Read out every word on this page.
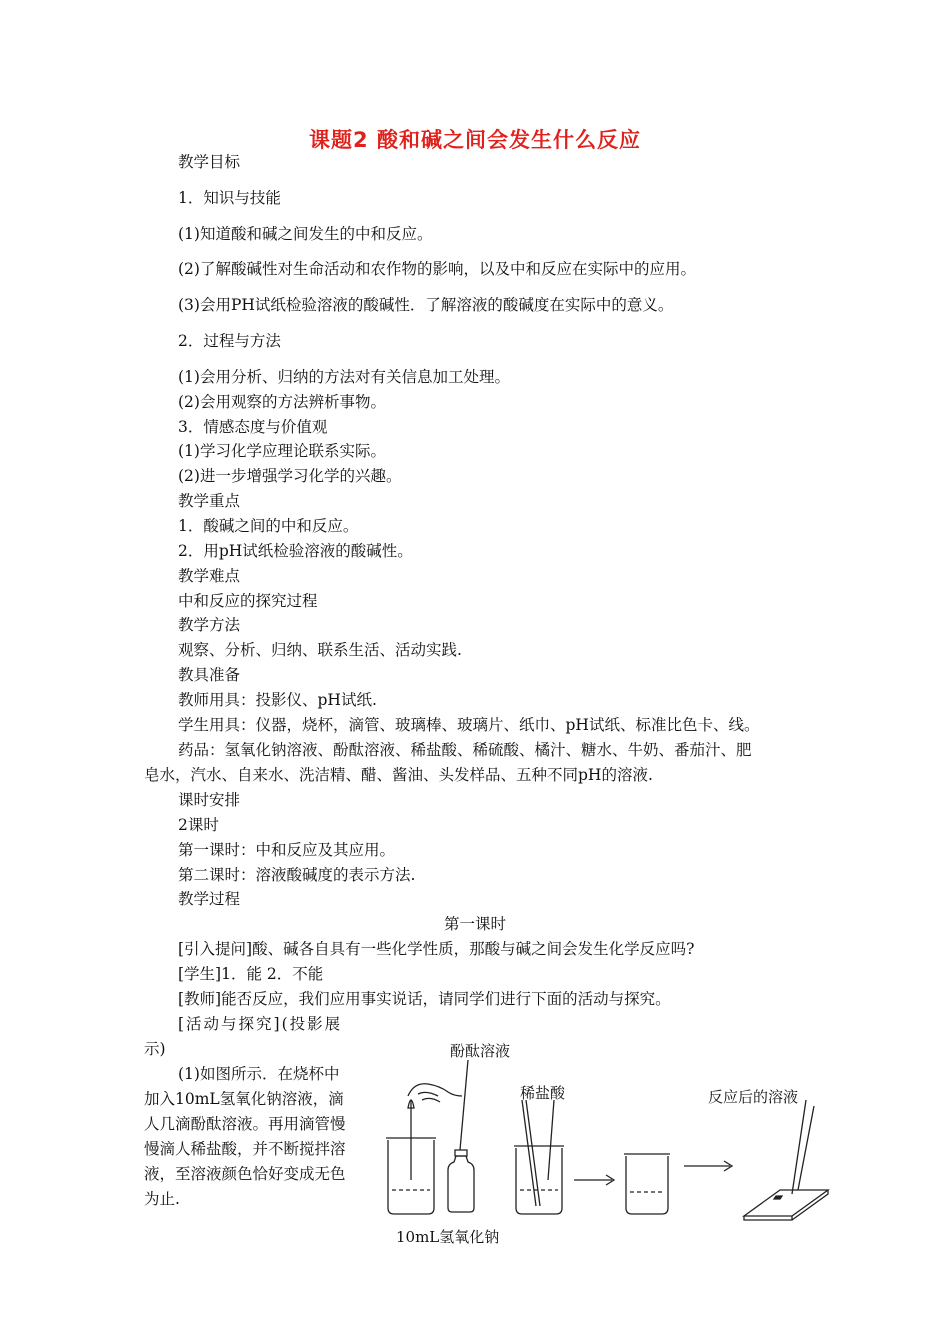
课题2 酸和碱之间会发生什么反应
教学目标
1．知识与技能
(1)知道酸和碱之间发生的中和反应。
(2)了解酸碱性对生命活动和农作物的影响，以及中和反应在实际中的应用。
(3)会用PH试纸检验溶液的酸碱性．了解溶液的酸碱度在实际中的意义。
2．过程与方法
(1)会用分析、归纳的方法对有关信息加工处理。
(2)会用观察的方法辨析事物。
3．情感态度与价值观
(1)学习化学应理论联系实际。
(2)进一步增强学习化学的兴趣。
教学重点
1．酸碱之间的中和反应。
2．用pH试纸检验溶液的酸碱性。
教学难点
中和反应的探究过程
教学方法
观察、分析、归纳、联系生活、活动实践.
教具准备
教师用具：投影仪、pH试纸.
学生用具：仪器，烧杯，滴管、玻璃棒、玻璃片、纸巾、pH试纸、标准比色卡、线。
药品：氢氧化钠溶液、酚酞溶液、稀盐酸、稀硫酸、橘汁、糖水、牛奶、番茄汁、肥
皂水，汽水、自来水、洗洁精、醋、酱油、头发样品、五种不同pH的溶液.
课时安排
2课时
第一课时：中和反应及其应用。
第二课时：溶液酸碱度的表示方法.
教学过程
第一课时
[引入提问]酸、碱各自具有一些化学性质，那酸与碱之间会发生化学反应吗?
[学生]1．能 2．不能
[教师]能否反应，我们应用事实说话，请同学们进行下面的活动与探究。
[活动与探究](投影展
示)
(1)如图所示．在烧杯中
加入10mL氢氧化钠溶液，滴
人几滴酚酞溶液。再用滴管慢
慢滴人稀盐酸，并不断搅拌溶
液，至溶液颜色恰好变成无色
为止.
酚酞溶液
稀盐酸	反应后的溶液
10mL氢氧化钠
